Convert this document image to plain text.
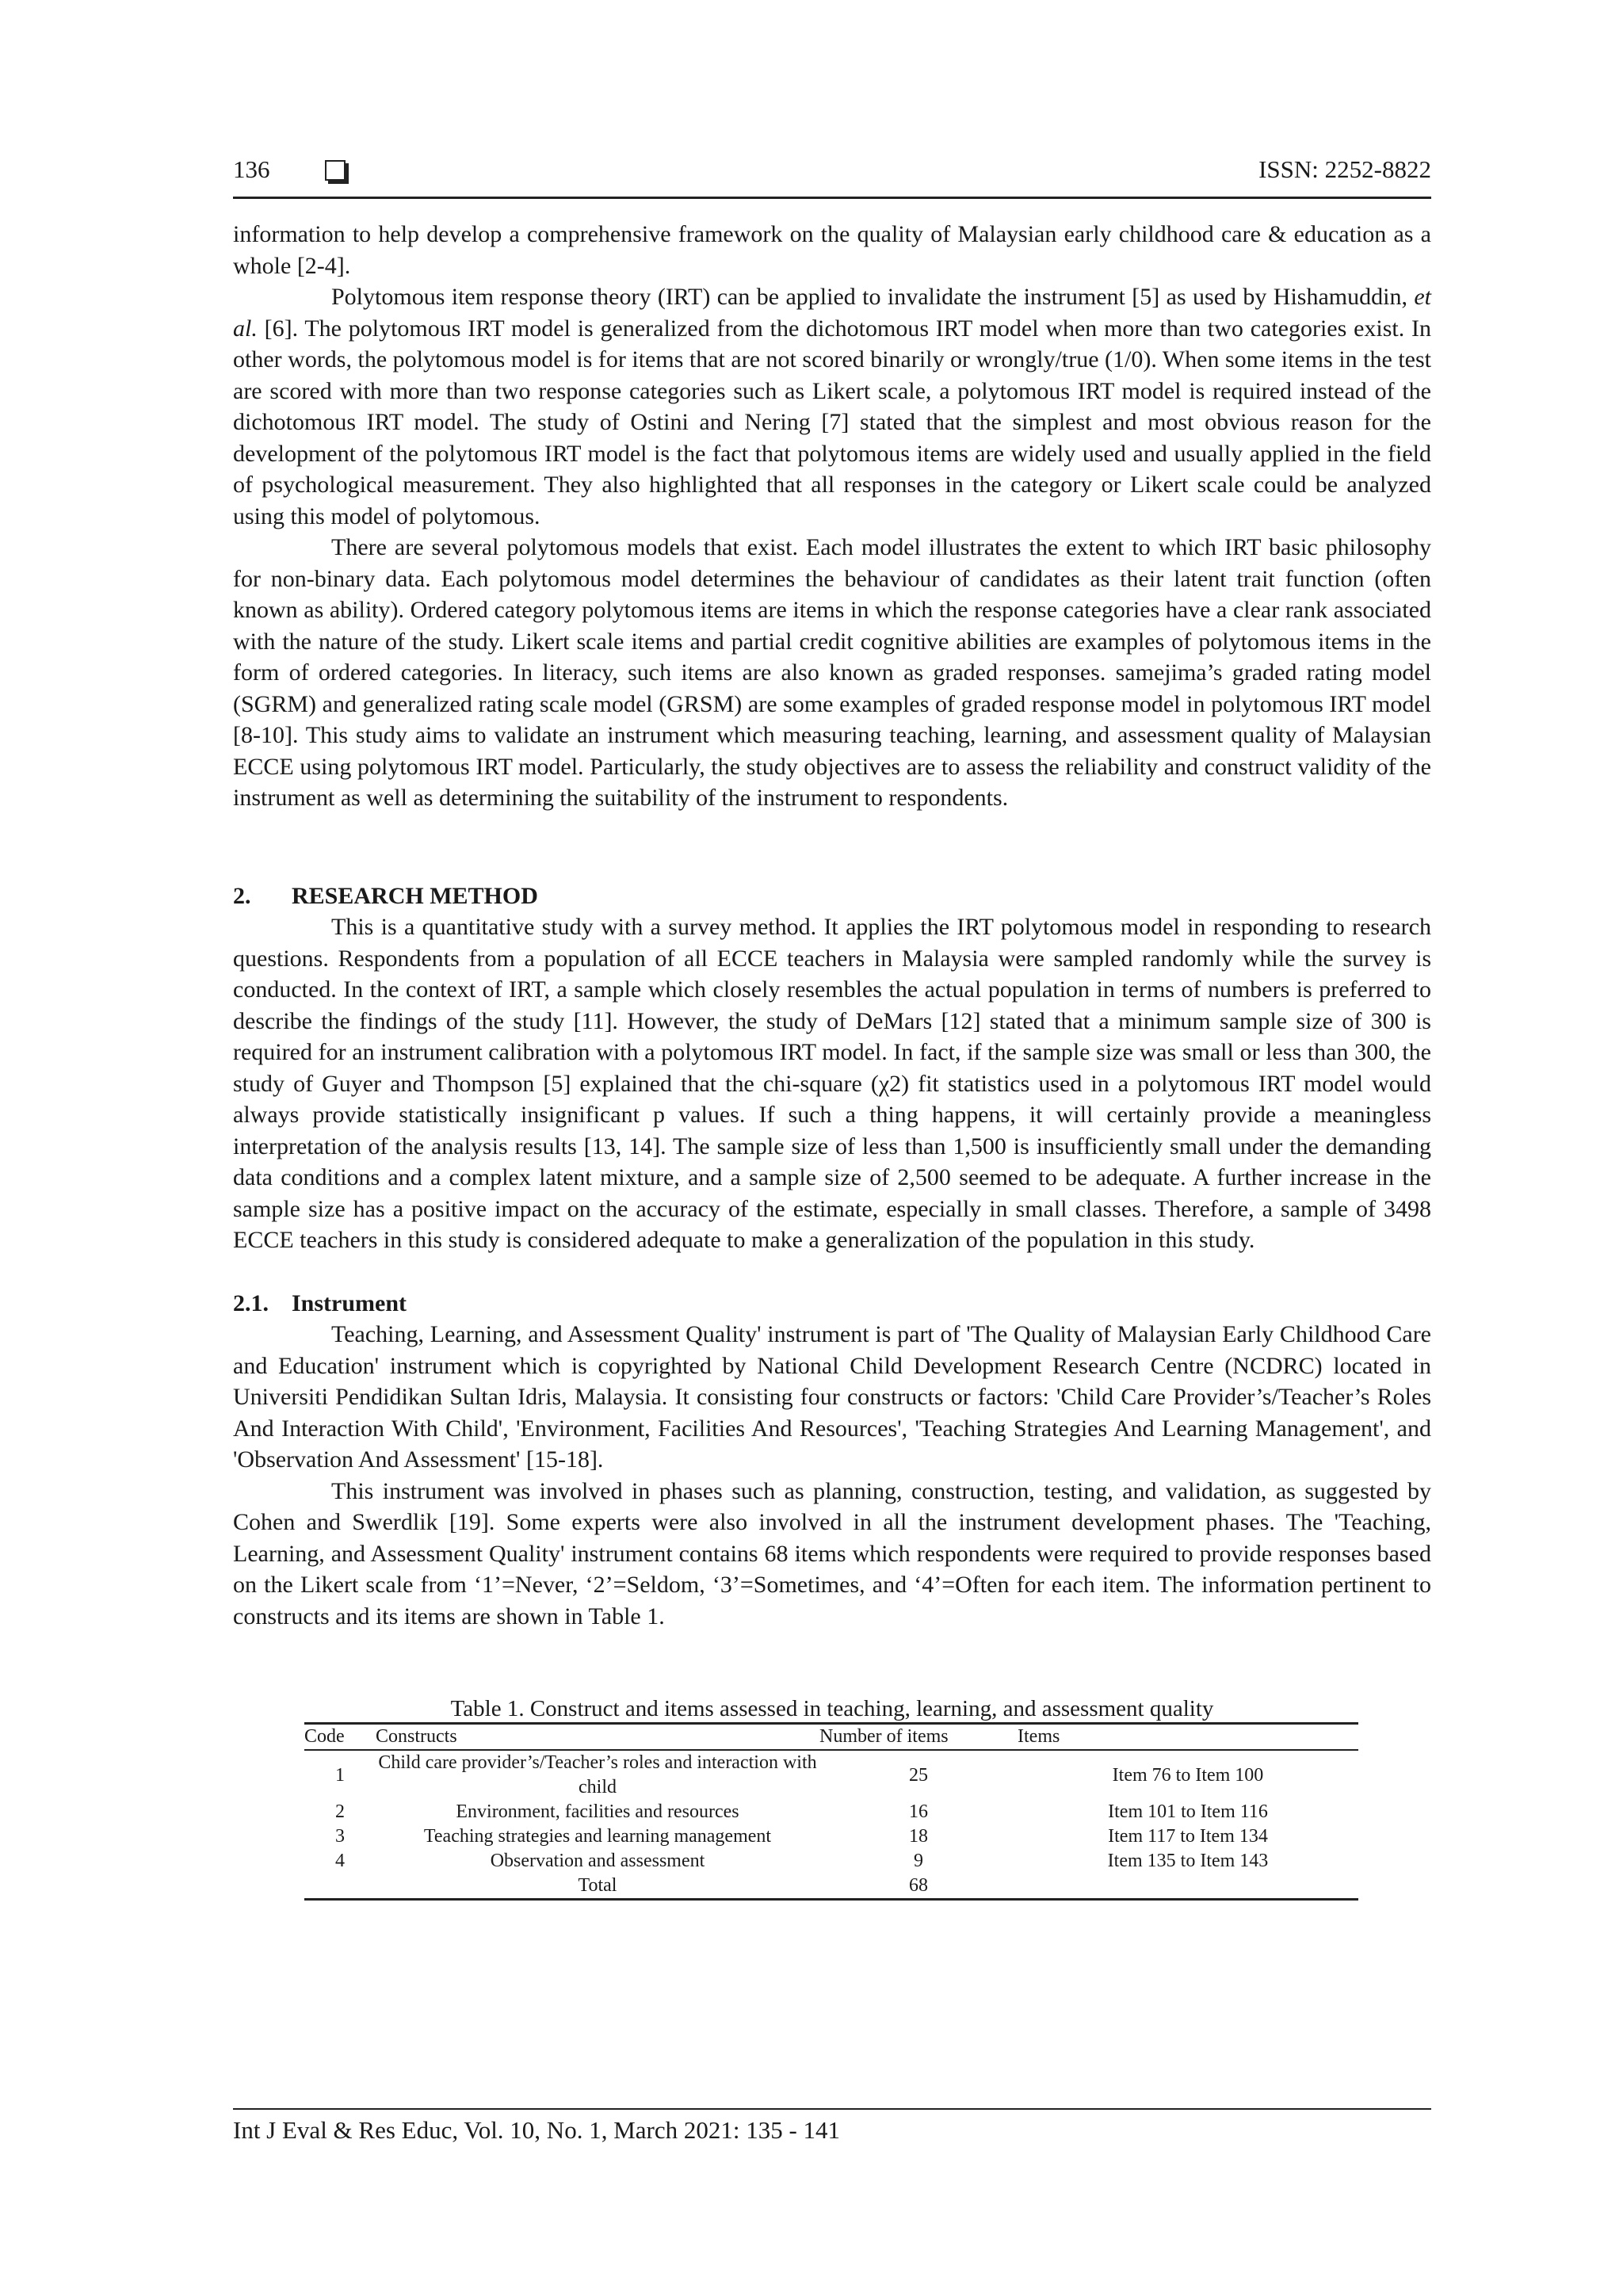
136	ISSN: 2252-8822

information to help develop a comprehensive framework on the quality of Malaysian early childhood care & education as a whole [2-4].

Polytomous item response theory (IRT) can be applied to invalidate the instrument [5] as used by Hishamuddin, et al. [6]. The polytomous IRT model is generalized from the dichotomous IRT model when more than two categories exist. In other words, the polytomous model is for items that are not scored binarily or wrongly/true (1/0). When some items in the test are scored with more than two response categories such as Likert scale, a polytomous IRT model is required instead of the dichotomous IRT model. The study of Ostini and Nering [7] stated that the simplest and most obvious reason for the development of the polytomous IRT model is the fact that polytomous items are widely used and usually applied in the field of psychological measurement. They also highlighted that all responses in the category or Likert scale could be analyzed using this model of polytomous.

There are several polytomous models that exist. Each model illustrates the extent to which IRT basic philosophy for non-binary data. Each polytomous model determines the behaviour of candidates as their latent trait function (often known as ability). Ordered category polytomous items are items in which the response categories have a clear rank associated with the nature of the study. Likert scale items and partial credit cognitive abilities are examples of polytomous items in the form of ordered categories. In literacy, such items are also known as graded responses. samejima’s graded rating model (SGRM) and generalized rating scale model (GRSM) are some examples of graded response model in polytomous IRT model [8-10]. This study aims to validate an instrument which measuring teaching, learning, and assessment quality of Malaysian ECCE using polytomous IRT model. Particularly, the study objectives are to assess the reliability and construct validity of the instrument as well as determining the suitability of the instrument to respondents.

2. RESEARCH METHOD

This is a quantitative study with a survey method. It applies the IRT polytomous model in responding to research questions. Respondents from a population of all ECCE teachers in Malaysia were sampled randomly while the survey is conducted. In the context of IRT, a sample which closely resembles the actual population in terms of numbers is preferred to describe the findings of the study [11]. However, the study of DeMars [12] stated that a minimum sample size of 300 is required for an instrument calibration with a polytomous IRT model. In fact, if the sample size was small or less than 300, the study of Guyer and Thompson [5] explained that the chi-square (χ2) fit statistics used in a polytomous IRT model would always provide statistically insignificant p values. If such a thing happens, it will certainly provide a meaningless interpretation of the analysis results [13, 14]. The sample size of less than 1,500 is insufficiently small under the demanding data conditions and a complex latent mixture, and a sample size of 2,500 seemed to be adequate. A further increase in the sample size has a positive impact on the accuracy of the estimate, especially in small classes. Therefore, a sample of 3498 ECCE teachers in this study is considered adequate to make a generalization of the population in this study.

2.1. Instrument

Teaching, Learning, and Assessment Quality' instrument is part of 'The Quality of Malaysian Early Childhood Care and Education' instrument which is copyrighted by National Child Development Research Centre (NCDRC) located in Universiti Pendidikan Sultan Idris, Malaysia. It consisting four constructs or factors: 'Child Care Provider’s/Teacher’s Roles And Interaction With Child', 'Environment, Facilities And Resources', 'Teaching Strategies And Learning Management', and 'Observation And Assessment' [15-18].

This instrument was involved in phases such as planning, construction, testing, and validation, as suggested by Cohen and Swerdlik [19]. Some experts were also involved in all the instrument development phases. The 'Teaching, Learning, and Assessment Quality' instrument contains 68 items which respondents were required to provide responses based on the Likert scale from ‘1’=Never, ‘2’=Seldom, ‘3’=Sometimes, and ‘4’=Often for each item. The information pertinent to constructs and its items are shown in Table 1.

Table 1. Construct and items assessed in teaching, learning, and assessment quality
Code	Constructs	Number of items	Items
1	Child care provider’s/Teacher’s roles and interaction with child	25	Item 76 to Item 100
2	Environment, facilities and resources	16	Item 101 to Item 116
3	Teaching strategies and learning management	18	Item 117 to Item 134
4	Observation and assessment	9	Item 135 to Item 143
	Total	68	
Int J Eval & Res Educ, Vol. 10, No. 1, March 2021: 135 - 141
